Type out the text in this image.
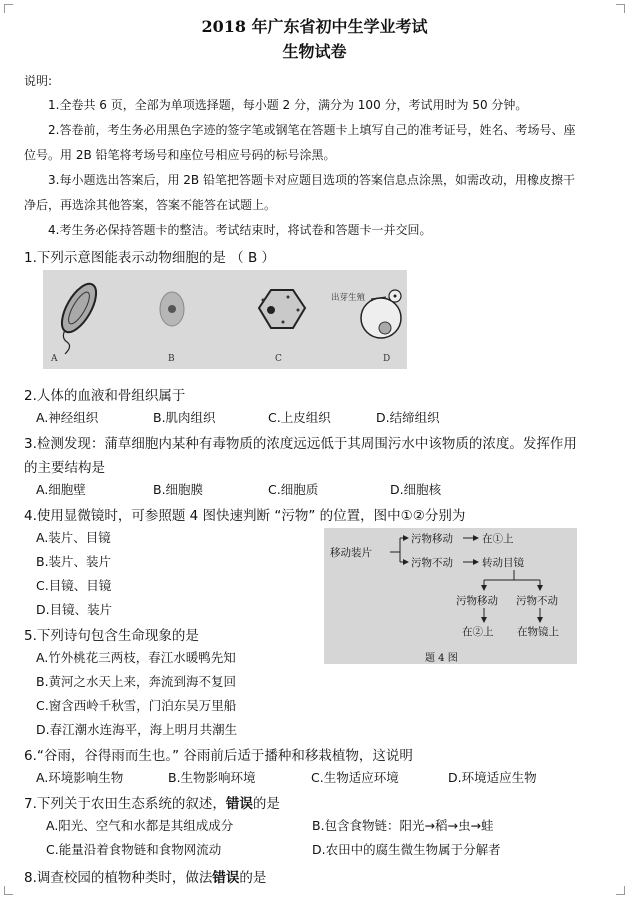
2018 年广东省初中生学业考试
生物试卷
说明:
1.全卷共 6 页，全部为单项选择题，每小题 2 分，满分为 100 分，考试用时为 50 分钟。
2.答卷前，考生务必用黑色字迹的签字笔或钢笔在答题卡上填写自己的准考证号，姓名、考场号、座
位号。用 2B 铅笔将考场号和座位号相应号码的标号涂黑。
3.每小题选出答案后，用 2B 铅笔把答题卡对应题目选项的答案信息点涂黑，如需改动，用橡皮擦干
净后，再选涂其他答案，答案不能答在试题上。
4.考生务必保持答题卡的整洁。考试结束时，将试卷和答题卡一并交回。
1.下列示意图能表示动物细胞的是 （ B ）
出芽生殖
A	B	C	D
2.人体的血液和骨组织属于
A.神经组织	B.肌肉组织	C.上皮组织	D.结缔组织
3.检测发现：蒲草细胞内某种有毒物质的浓度远远低于其周围污水中该物质的浓度。发挥作用
的主要结构是
A.细胞壁	B.细胞膜	C.细胞质	D.细胞核
4.使用显微镜时，可参照题 4 图快速判断 “污物” 的位置，图中①②分别为
A.装片、目镜
B.装片、装片
C.目镜、目镜
D.目镜、装片
移动装片
污物移动	在①上
污物不动	转动目镜
污物移动 污物不动
在②上 在物镜上
题 4 图
5.下列诗句包含生命现象的是
A.竹外桃花三两枝，春江水暖鸭先知
B.黄河之水天上来，奔流到海不复回
C.窗含西岭千秋雪，门泊东吴万里船
D.春江潮水连海平，海上明月共潮生
6.“谷雨，谷得雨而生也。” 谷雨前后适于播种和移栽植物，这说明
A.环境影响生物	B.生物影响环境	C.生物适应环境	D.环境适应生物
7.下列关于农田生态系统的叙述，错误的是
A.阳光、空气和水都是其组成成分	B.包含食物链：阳光→稻→虫→蛙
C.能量沿着食物链和食物网流动	D.农田中的腐生微生物属于分解者
8.调查校园的植物种类时，做法错误的是
